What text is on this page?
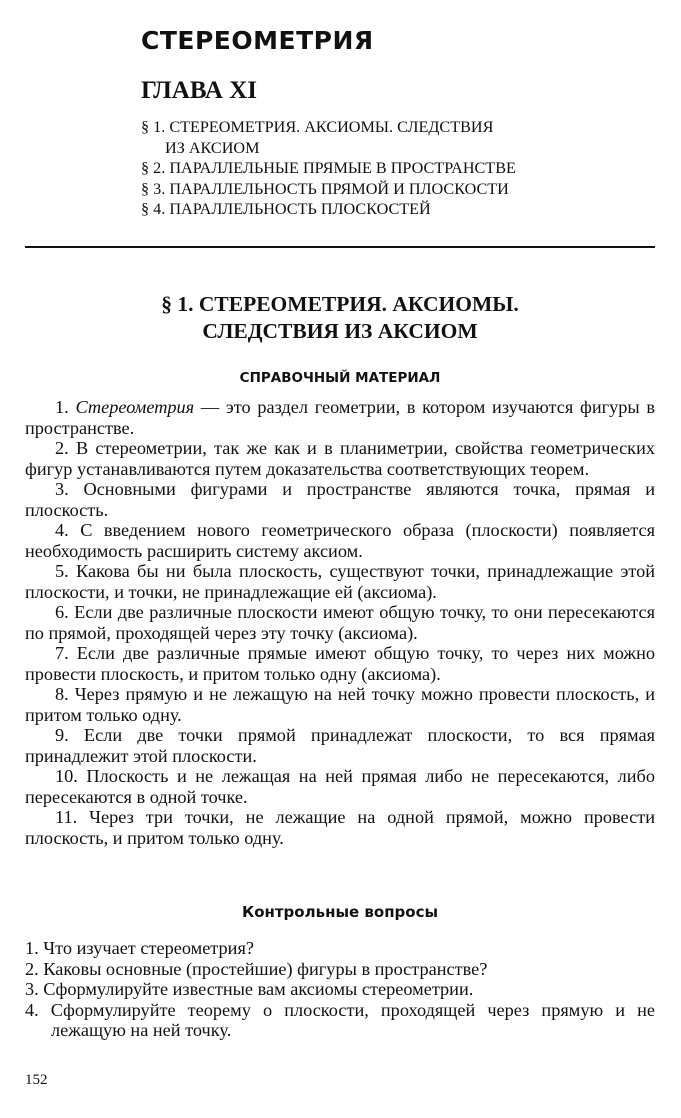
СТЕРЕОМЕТРИЯ
ГЛАВА XI
§ 1. СТЕРЕОМЕТРИЯ. АКСИОМЫ. СЛЕДСТВИЯ
ИЗ АКСИОМ
§ 2. ПАРАЛЛЕЛЬНЫЕ ПРЯМЫЕ В ПРОСТРАНСТВЕ
§ 3. ПАРАЛЛЕЛЬНОСТЬ ПРЯМОЙ И ПЛОСКОСТИ
§ 4. ПАРАЛЛЕЛЬНОСТЬ ПЛОСКОСТЕЙ
§ 1. СТЕРЕОМЕТРИЯ. АКСИОМЫ.
СЛЕДСТВИЯ ИЗ АКСИОМ
СПРАВОЧНЫЙ МАТЕРИАЛ

1. Стереометрия — это раздел геометрии, в котором изучаются фигуры в пространстве.

2. В стереометрии, так же как и в планиметрии, свойства геометрических фигур устанавливаются путем доказательства соответствующих теорем.

3. Основными фигурами и пространстве являются точка, прямая и плоскость.

4. С введением нового геометрического образа (плоскости) появляется необходимость расширить систему аксиом.

5. Какова бы ни была плоскость, существуют точки, принадлежащие этой плоскости, и точки, не принадлежащие ей (аксиома).

6. Если две различные плоскости имеют общую точку, то они пересекаются по прямой, проходящей через эту точку (аксиома).

7. Если две различные прямые имеют общую точку, то через них можно провести плоскость, и притом только одну (аксиома).

8. Через прямую и не лежащую на ней точку можно провести плоскость, и притом только одну.

9. Если две точки прямой принадлежат плоскости, то вся прямая принадлежит этой плоскости.

10. Плоскость и не лежащая на ней прямая либо не пересекаются, либо пересекаются в одной точке.

11. Через три точки, не лежащие на одной прямой, можно провести плоскость, и притом только одну.

Контрольные вопросы
1. Что изучает стереометрия?
2. Каковы основные (простейшие) фигуры в пространстве?
3. Сформулируйте известные вам аксиомы стереометрии.
4. Сформулируйте теорему о плоскости, проходящей через прямую и не лежащую на ней точку.
152
